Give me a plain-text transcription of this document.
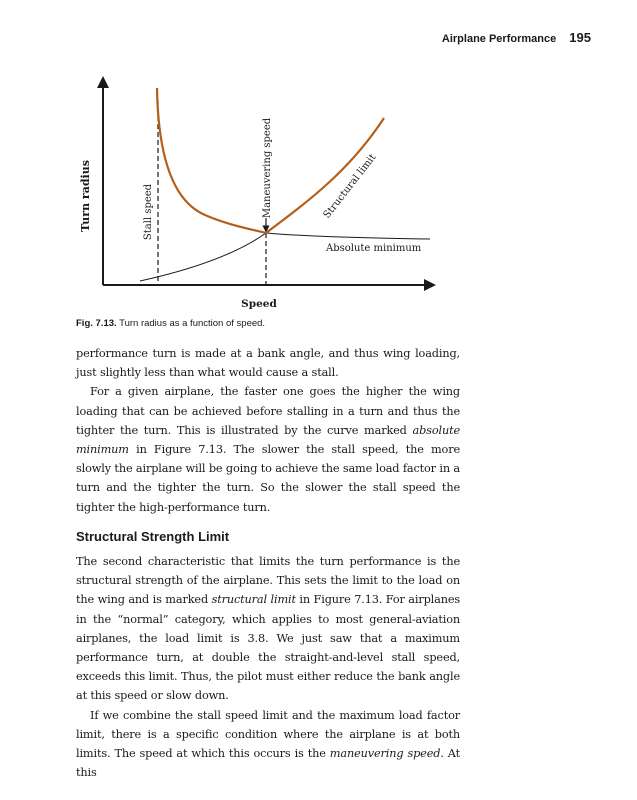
Airplane Performance 195
Turn radius
Speed
Stall speed	Maneuvering speed
Absolute minimum
Structural limit
Fig. 7.13. Turn radius as a function of speed.

performance turn is made at a bank angle, and thus wing loading, just slightly less than what would cause a stall.

For a given airplane, the faster one goes the higher the wing loading that can be achieved before stalling in a turn and thus the tighter the turn. This is illustrated by the curve marked absolute minimum in Figure 7.13. The slower the stall speed, the more slowly the airplane will be going to achieve the same load factor in a turn and the tighter the turn. So the slower the stall speed the tighter the high-performance turn.

Structural Strength Limit

The second characteristic that limits the turn performance is the structural strength of the airplane. This sets the limit to the load on the wing and is marked structural limit in Figure 7.13. For airplanes in the “normal” category, which applies to most general-aviation airplanes, the load limit is 3.8. We just saw that a maximum performance turn, at double the straight-and-level stall speed, exceeds this limit. Thus, the pilot must either reduce the bank angle at this speed or slow down.

If we combine the stall speed limit and the maximum load factor limit, there is a specific condition where the airplane is at both limits. The speed at which this occurs is the maneuvering speed. At this
